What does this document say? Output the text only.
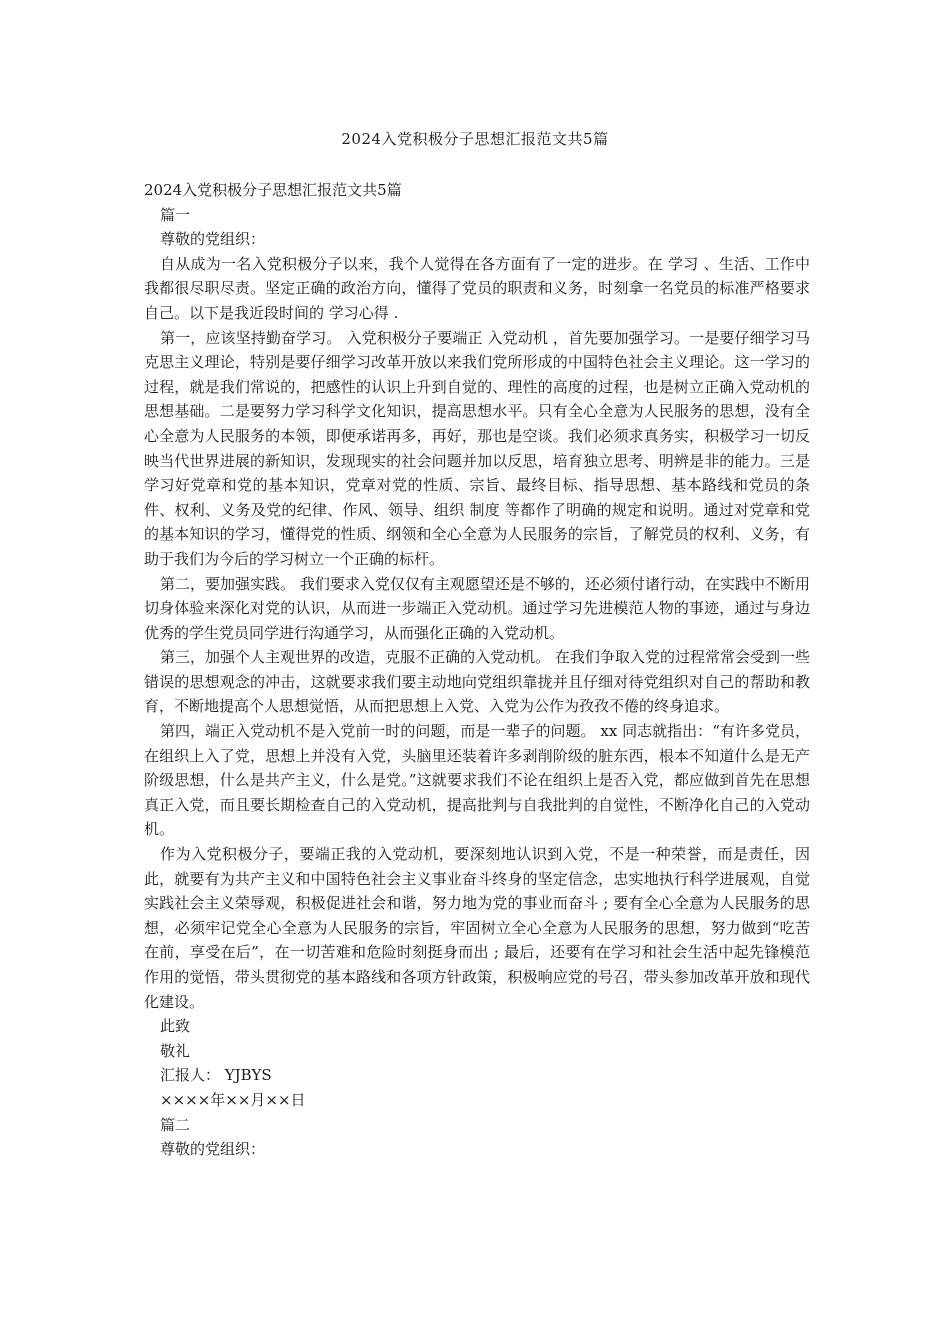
2024入党积极分子思想汇报范文共5篇

2024入党积极分子思想汇报范文共5篇

篇一

尊敬的党组织：

自从成为一名入党积极分子以来，我个人觉得在各方面有了一定的进步。在 学习 、生活、工作中我都很尽职尽责。坚定正确的政治方向，懂得了党员的职责和义务，时刻拿一名党员的标准严格要求自己。以下是我近段时间的 学习心得 .

第一，应该坚持勤奋学习。 入党积极分子要端正 入党动机 ，首先要加强学习。一是要仔细学习马克思主义理论，特别是要仔细学习改革开放以来我们党所形成的中国特色社会主义理论。这一学习的过程，就是我们常说的，把感性的认识上升到自觉的、理性的高度的过程，也是树立正确入党动机的思想基础。二是要努力学习科学文化知识，提高思想水平。只有全心全意为人民服务的思想，没有全心全意为人民服务的本领，即便承诺再多，再好，那也是空谈。我们必须求真务实，积极学习一切反映当代世界进展的新知识，发现现实的社会问题并加以反思，培育独立思考、明辨是非的能力。三是学习好党章和党的基本知识，党章对党的性质、宗旨、最终目标、指导思想、基本路线和党员的条件、权利、义务及党的纪律、作风、领导、组织 制度 等都作了明确的规定和说明。通过对党章和党的基本知识的学习，懂得党的性质、纲领和全心全意为人民服务的宗旨，了解党员的权利、义务，有助于我们为今后的学习树立一个正确的标杆。

第二，要加强实践。 我们要求入党仅仅有主观愿望还是不够的，还必须付诸行动，在实践中不断用切身体验来深化对党的认识，从而进一步端正入党动机。通过学习先进模范人物的事迹，通过与身边优秀的学生党员同学进行沟通学习，从而强化正确的入党动机。

第三，加强个人主观世界的改造，克服不正确的入党动机。 在我们争取入党的过程常常会受到一些错误的思想观念的冲击，这就要求我们要主动地向党组织靠拢并且仔细对待党组织对自己的帮助和教育，不断地提高个人思想觉悟，从而把思想上入党、入党为公作为孜孜不倦的终身追求。

第四，端正入党动机不是入党前一时的问题，而是一辈子的问题。 xx 同志就指出：“有许多党员，在组织上入了党，思想上并没有入党，头脑里还装着许多剥削阶级的脏东西，根本不知道什么是无产阶级思想，什么是共产主义，什么是党。”这就要求我们不论在组织上是否入党，都应做到首先在思想真正入党，而且要长期检查自己的入党动机，提高批判与自我批判的自觉性，不断净化自己的入党动机。

作为入党积极分子，要端正我的入党动机，要深刻地认识到入党，不是一种荣誉，而是责任，因此，就要有为共产主义和中国特色社会主义事业奋斗终身的坚定信念，忠实地执行科学进展观，自觉实践社会主义荣辱观，积极促进社会和谐，努力地为党的事业而奋斗 ; 要有全心全意为人民服务的思想，必须牢记党全心全意为人民服务的宗旨，牢固树立全心全意为人民服务的思想，努力做到“吃苦在前，享受在后”，在一切苦难和危险时刻挺身而出 ; 最后，还要有在学习和社会生活中起先锋模范作用的觉悟，带头贯彻党的基本路线和各项方针政策，积极响应党的号召，带头参加改革开放和现代化建设。

此致

敬礼

汇报人： YJBYS

××××年××月××日

篇二

尊敬的党组织：
